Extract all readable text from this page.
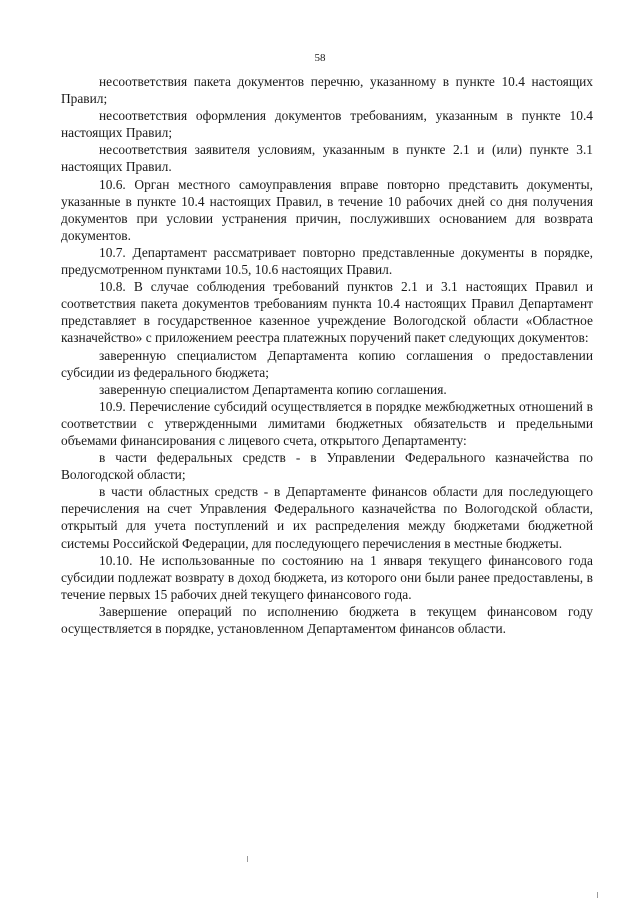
58

несоответствия пакета документов перечню, указанному в пункте 10.4 настоящих Правил;

несоответствия оформления документов требованиям, указанным в пункте 10.4 настоящих Правил;

несоответствия заявителя условиям, указанным в пункте 2.1 и (или) пункте 3.1 настоящих Правил.

10.6. Орган местного самоуправления вправе повторно представить документы, указанные в пункте 10.4 настоящих Правил, в течение 10 рабочих дней со дня получения документов при условии устранения причин, послуживших основанием для возврата документов.

10.7. Департамент рассматривает повторно представленные документы в порядке, предусмотренном пунктами 10.5, 10.6 настоящих Правил.

10.8. В случае соблюдения требований пунктов 2.1 и 3.1 настоящих Правил и соответствия пакета документов требованиям пункта 10.4 настоящих Правил Департамент представляет в государственное казенное учреждение Вологодской области «Областное казначейство» с приложением реестра платежных поручений пакет следующих документов:

заверенную специалистом Департамента копию соглашения о предоставлении субсидии из федерального бюджета;

заверенную специалистом Департамента копию соглашения.

10.9. Перечисление субсидий осуществляется в порядке межбюджетных отношений в соответствии с утвержденными лимитами бюджетных обязательств и предельными объемами финансирования с лицевого счета, открытого Департаменту:

в части федеральных средств - в Управлении Федерального казначейства по Вологодской области;

в части областных средств - в Департаменте финансов области для последующего перечисления на счет Управления Федерального казначейства по Вологодской области, открытый для учета поступлений и их распределения между бюджетами бюджетной системы Российской Федерации, для последующего перечисления в местные бюджеты.

10.10. Не использованные по состоянию на 1 января текущего финансового года субсидии подлежат возврату в доход бюджета, из которого они были ранее предоставлены, в течение первых 15 рабочих дней текущего финансового года.

Завершение операций по исполнению бюджета в текущем финансовом году осуществляется в порядке, установленном Департаментом финансов области.
